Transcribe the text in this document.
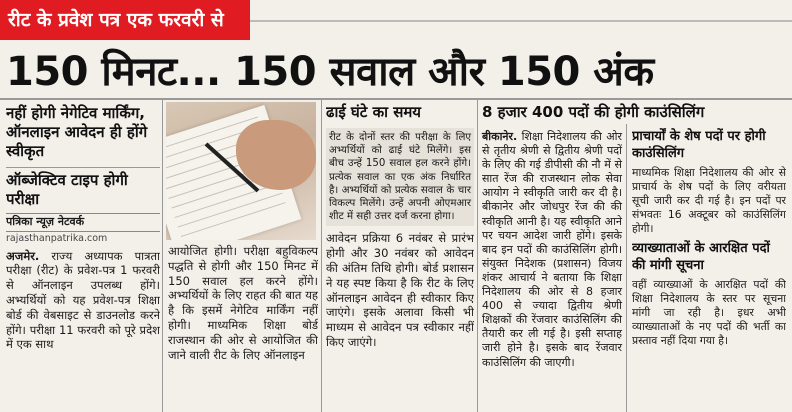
रीट के प्रवेश पत्र एक फरवरी से
150 मिनट... 150 सवाल और 150 अंक
नहीं होगी नेगेटिव मार्किंग, ऑनलाइन आवेदन ही होंगे स्वीकृत
ऑब्जेक्टिव टाइप होगी परीक्षा
पत्रिका न्यूज़ नेटवर्क
rajasthanpatrika.com
अजमेर. राज्य अध्यापक पात्रता परीक्षा (रीट) के प्रवेश-पत्र 1 फरवरी से ऑनलाइन उपलब्ध होंगे। अभ्यर्थियों को यह प्रवेश-पत्र शिक्षा बोर्ड की वेबसाइट से डाउनलोड करने होंगे। परीक्षा 11 फरवरी को पूरे प्रदेश में एक साथ
आयोजित होगी। परीक्षा बहुविकल्प पद्धति से होगी और 150 मिनट में 150 सवाल हल करने होंगे। अभ्यर्थियों के लिए राहत की बात यह है कि इसमें नेगेटिव मार्किंग नहीं होगी। माध्यमिक शिक्षा बोर्ड राजस्थान की ओर से आयोजित की जाने वाली रीट के लिए ऑनलाइन
ढाई घंटे का समय
रीट के दोनों स्तर की परीक्षा के लिए अभ्यर्थियों को ढाई घंटे मिलेंगे। इस बीच उन्हें 150 सवाल हल करने होंगे। प्रत्येक सवाल का एक अंक निर्धारित है। अभ्यर्थियों को प्रत्येक सवाल के चार विकल्प मिलेंगे। उन्हें अपनी ओएमआर शीट में सही उत्तर दर्ज करना होगा।
आवेदन प्रक्रिया 6 नवंबर से प्रारंभ होगी और 30 नवंबर को आवेदन की अंतिम तिथि होगी। बोर्ड प्रशासन ने यह स्पष्ट किया है कि रीट के लिए ऑनलाइन आवेदन ही स्वीकार किए जाएंगे। इसके अलावा किसी भी माध्यम से आवेदन पत्र स्वीकार नहीं किए जाएंगे।
8 हजार 400 पदों की होगी काउंसिलिंग
बीकानेर. शिक्षा निदेशालय की ओर से तृतीय श्रेणी से द्वितीय श्रेणी पदों के लिए की गई डीपीसी की नौ में से सात रेंज की राजस्थान लोक सेवा आयोग ने स्वीकृति जारी कर दी है। बीकानेर और जोधपुर रेंज की की स्वीकृति आनी है। यह स्वीकृति आने पर चयन आदेश जारी होंगे। इसके बाद इन पदों की काउंसिलिंग होगी। संयुक्त निदेशक (प्रशासन) विजय शंकर आचार्य ने बताया कि शिक्षा निदेशालय की ओर से 8 हजार 400 से ज्यादा द्वितीय श्रेणी शिक्षकों की रेंजवार काउंसिलिंग की तैयारी कर ली गई है। इसी सप्ताह जारी होने है। इसके बाद रेंजवार काउंसिलिंग की जाएगी।
प्राचार्यों के शेष पदों पर होगी काउंसिलिंग
माध्यमिक शिक्षा निदेशालय की ओर से प्राचार्य के शेष पदों के लिए वरीयता सूची जारी कर दी गई है। इन पदों पर संभवतः 16 अक्टूबर को काउंसिलिंग होगी।
व्याख्याताओं के आरक्षित पदों की मांगी सूचना
वहीं व्याख्याओं के आरक्षित पदों की शिक्षा निदेशालय के स्तर पर सूचना मांगी जा रही है। इधर अभी व्याख्याताओं के नए पदों की भर्ती का प्रस्ताव नहीं दिया गया है।
